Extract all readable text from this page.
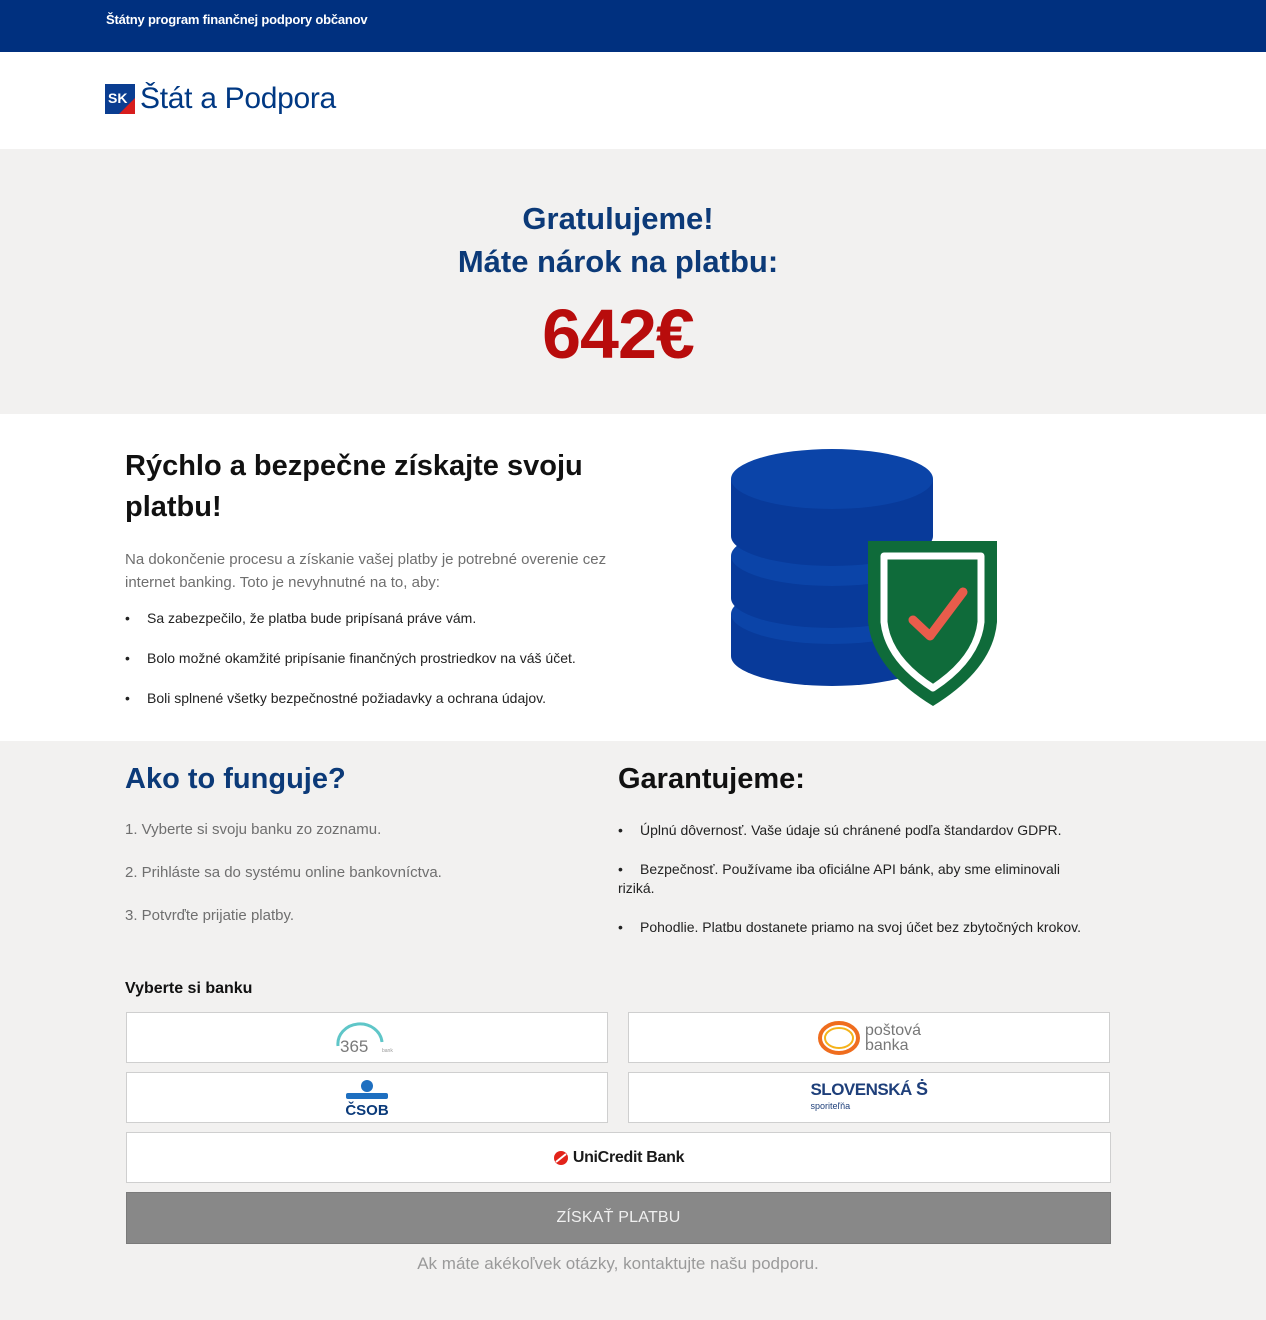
Štátny program finančnej podpory občanov
SK Štát a Podpora
Gratulujeme!
Máte nárok na platbu:
642€
Rýchlo a bezpečne získajte svoju platbu!
Na dokončenie procesu a získanie vašej platby je potrebné overenie cez internet banking. Toto je nevyhnutné na to, aby:
• Sa zabezpečilo, že platba bude pripísaná práve vám.
• Bolo možné okamžité pripísanie finančných prostriedkov na váš účet.
• Boli splnené všetky bezpečnostné požiadavky a ochrana údajov.
Ako to funguje?
1. Vyberte si svoju banku zo zoznamu.
2. Prihláste sa do systému online bankovníctva.
3. Potvrďte prijatie platby.
Garantujeme:
• Úplnú dôvernosť. Vaše údaje sú chránené podľa štandardov GDPR.
• Bezpečnosť. Používame iba oficiálne API bánk, aby sme eliminovali riziká.
• Pohodlie. Platbu dostanete priamo na svoj účet bez zbytočných krokov.
Vyberte si banku
365	bank
poštová
banka
ČSOB
SLOVENSKÁ Ṡ
sporiteľňa
UniCredit Bank
ZÍSKAŤ PLATBU
Ak máte akékoľvek otázky, kontaktujte našu podporu.
